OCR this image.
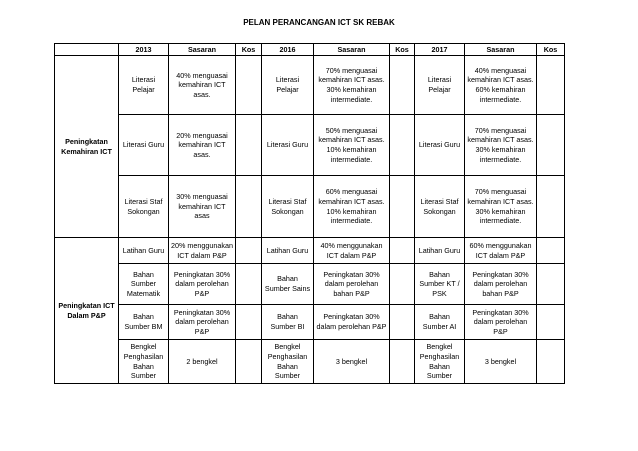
PELAN PERANCANGAN ICT SK REBAK
	2013	Sasaran	Kos	2016	Sasaran	Kos	2017	Sasaran	Kos
Peningkatan Kemahiran ICT	Literasi Pelajar	40% menguasai kemahiran ICT asas.		Literasi Pelajar	70% menguasai kemahiran ICT asas. 30% kemahiran intermediate.		Literasi Pelajar	40% menguasai kemahiran ICT asas. 60% kemahiran intermediate.	
	Literasi Guru	20% menguasai kemahiran ICT asas.		Literasi Guru	50% menguasai kemahiran ICT asas. 10% kemahiran intermediate.		Literasi Guru	70% menguasai kemahiran ICT asas. 30% kemahiran intermediate.	
	Literasi Staf Sokongan	30% menguasai kemahiran ICT asas		Literasi Staf Sokongan	60% menguasai kemahiran ICT asas. 10% kemahiran intermediate.		Literasi Staf Sokongan	70% menguasai kemahiran ICT asas. 30% kemahiran intermediate.	
Peningkatan ICT Dalam P&P	Latihan Guru	20% menggunakan ICT dalam P&P		Latihan Guru	40% menggunakan ICT dalam P&P		Latihan Guru	60% menggunakan ICT dalam P&P	
	Bahan Sumber Matematik	Peningkatan 30% dalam perolehan P&P		Bahan Sumber Sains	Peningkatan 30% dalam perolehan bahan P&P		Bahan Sumber KT / PSK	Peningkatan 30% dalam perolehan bahan P&P	
	Bahan Sumber BM	Peningkatan 30% dalam perolehan P&P		Bahan Sumber BI	Peningkatan 30% dalam perolehan P&P		Bahan Sumber AI	Peningkatan 30% dalam perolehan P&P	
	Bengkel Penghasilan Bahan Sumber	2 bengkel		Bengkel Penghasilan Bahan Sumber	3 bengkel		Bengkel Penghasilan Bahan Sumber	3 bengkel	
